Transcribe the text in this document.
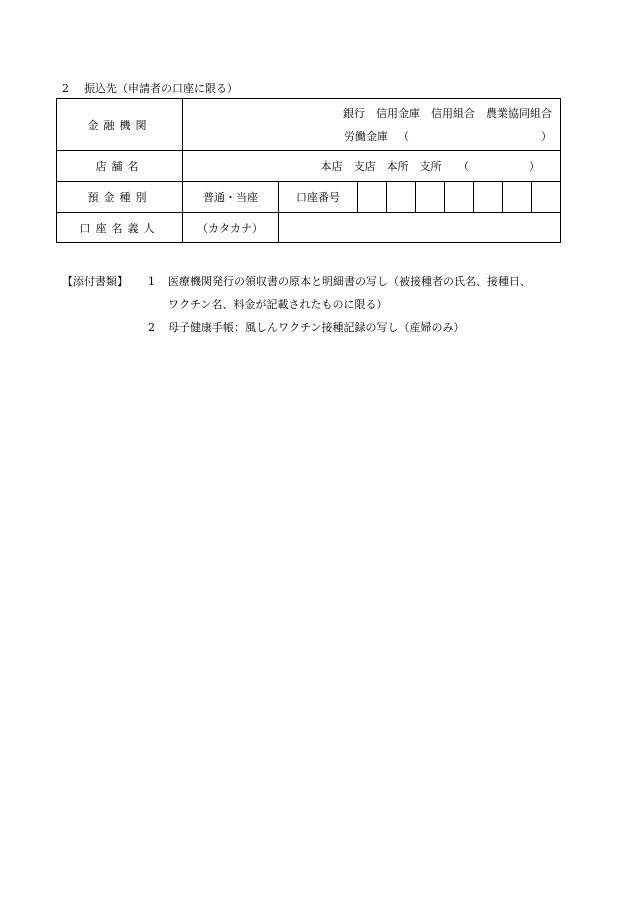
2 振込先（申請者の口座に限る）
金融機関	銀行　信用金庫　信用組合　農業協同組合
労働金庫 （ ）								

店舗名	本店　支店　本所　支所　　 （ ）								
預金種別	普通・当座	口座番号							
口座名義人	（カタカナ）								
【添付書類】	1	医療機関発行の領収書の原本と明細書の写し（被接種者の氏名、接種日、
ワクチン名、料金が記載されたものに限る）
2	母子健康手帳：風しんワクチン接種記録の写し（産婦のみ）
